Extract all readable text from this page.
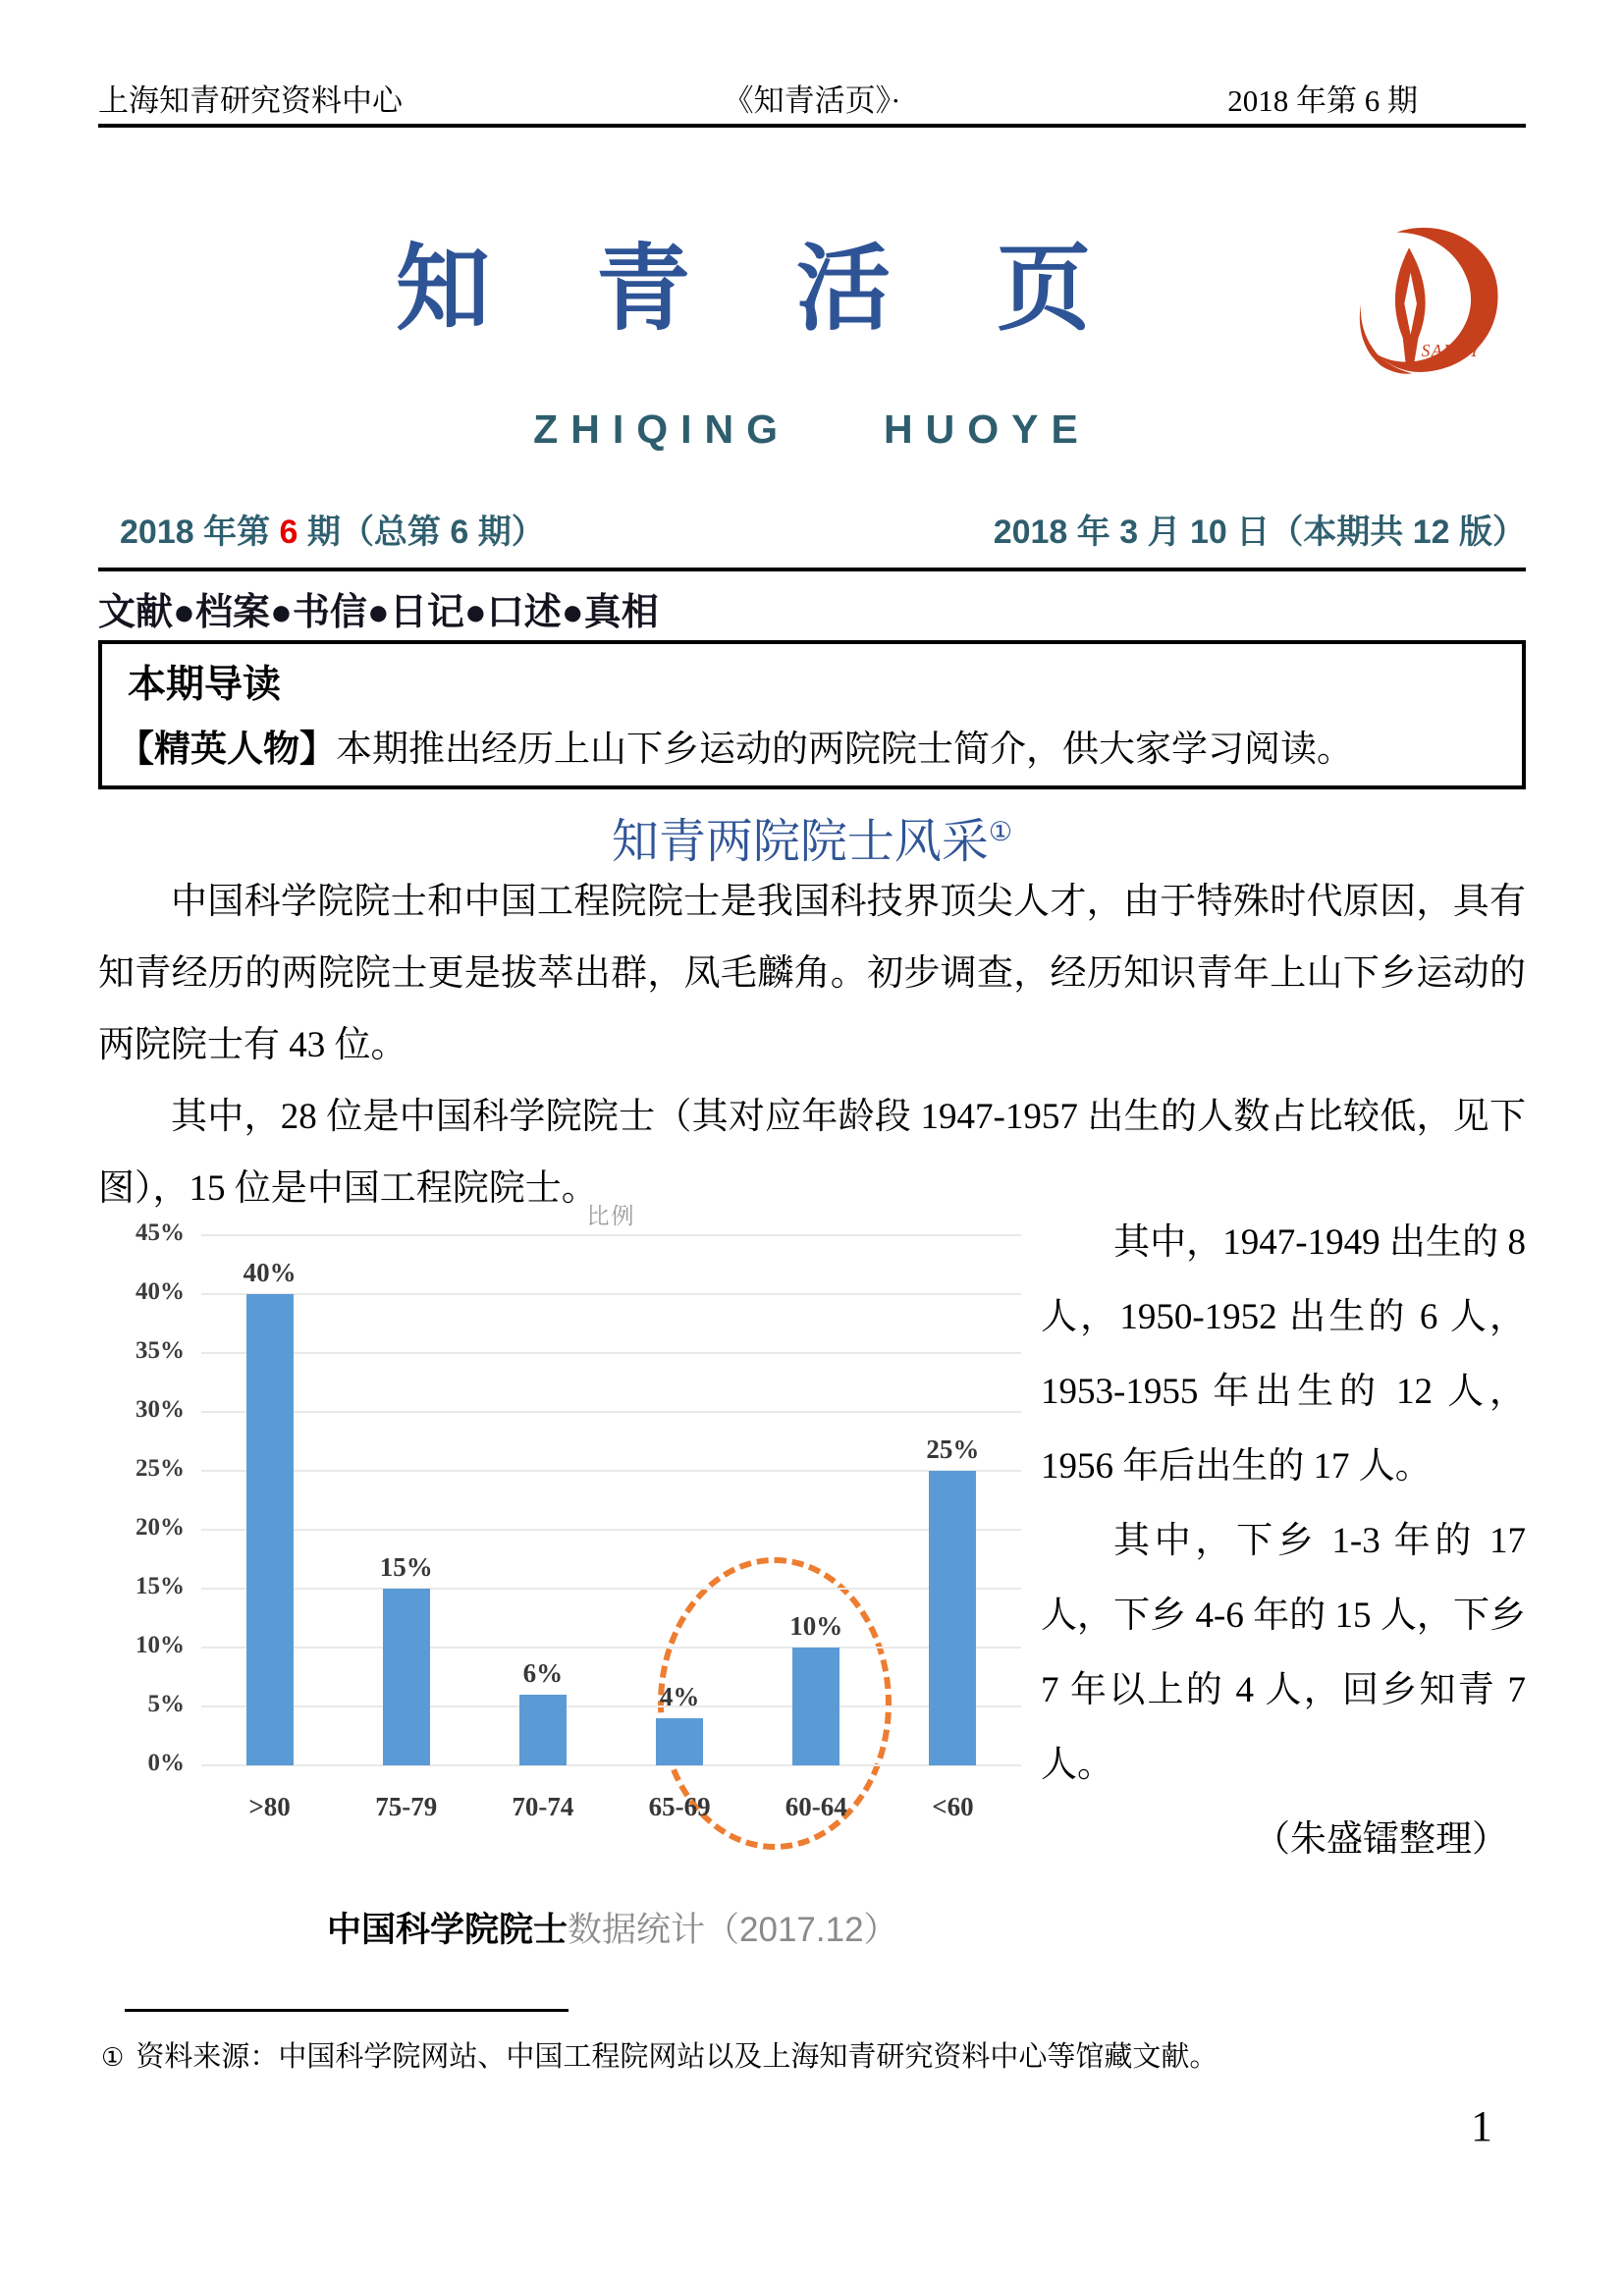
上海知青研究资料中心	《知青活页》·	2018 年第 6 期
知　青　活　页
SAHFY
ZHIQING HUOYE
2018 年第 6 期（总第 6 期）	2018 年 3 月 10 日（本期共 12 版）
文献●档案●书信●日记●口述●真相
本期导读
【精英人物】本期推出经历上山下乡运动的两院院士简介，供大家学习阅读。
知青两院院士风采①

中国科学院院士和中国工程院院士是我国科技界顶尖人才，由于特殊时代原因，具有知青经历的两院院士更是拔萃出群，凤毛麟角。初步调查，经历知识青年上山下乡运动的两院院士有 43 位。

其中，28 位是中国科学院院士（其对应年龄段 1947-1957 出生的人数占比较低，见下图），15 位是中国工程院院士。

比例
45%
40%
35%
30%
25%
20%
15%
10%
5%
0%
40%
>80
15%
75-79
6%
70-74
4%
65-69
10%
60-64
25%
<60

其中，1947-1949 出生的 8 人，1950-1952 出生的 6 人，1953-1955 年出生的 12 人，1956 年后出生的 17 人。

其中，下乡 1-3 年的 17 人，下乡 4-6 年的 15 人，下乡 7 年以上的 4 人，回乡知青 7 人。

（朱盛镭整理）

中国科学院院士数据统计（2017.12）
① 资料来源：中国科学院网站、中国工程院网站以及上海知青研究资料中心等馆藏文献。
1
